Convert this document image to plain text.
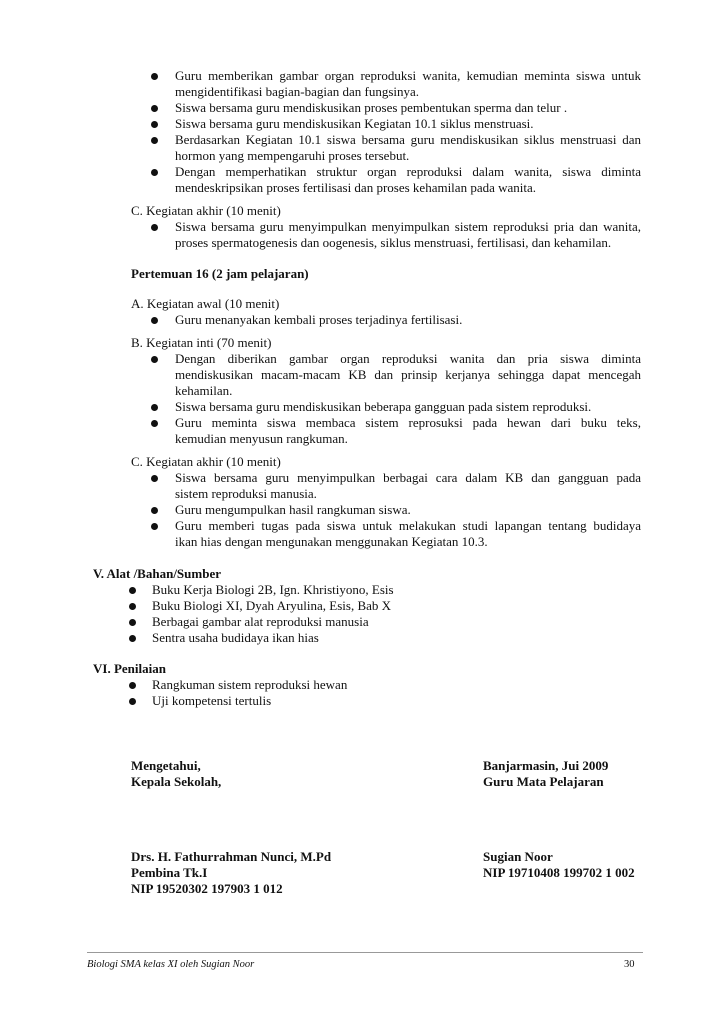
Guru memberikan gambar organ reproduksi wanita, kemudian meminta siswa untuk
mengidentifikasi bagian-bagian dan fungsinya.
Siswa bersama guru mendiskusikan proses pembentukan sperma dan telur .
Siswa bersama guru mendiskusikan Kegiatan 10.1 siklus menstruasi.
Berdasarkan Kegiatan 10.1 siswa bersama guru mendiskusikan siklus menstruasi dan
hormon yang mempengaruhi proses tersebut.
Dengan memperhatikan struktur organ reproduksi dalam wanita, siswa diminta
mendeskripsikan proses fertilisasi dan proses kehamilan pada wanita.
C. Kegiatan akhir (10 menit)
Siswa bersama guru menyimpulkan menyimpulkan sistem reproduksi pria dan wanita,
proses spermatogenesis dan oogenesis, siklus menstruasi, fertilisasi, dan kehamilan.
Pertemuan 16 (2 jam pelajaran)
A. Kegiatan awal (10 menit)
Guru menanyakan kembali proses terjadinya fertilisasi.
B. Kegiatan inti (70 menit)
Dengan diberikan gambar organ reproduksi wanita dan pria siswa diminta
mendiskusikan macam-macam KB dan prinsip kerjanya sehingga dapat mencegah
kehamilan.
Siswa bersama guru mendiskusikan beberapa gangguan pada sistem reproduksi.
Guru meminta siswa membaca sistem reprosuksi pada hewan dari buku teks,
kemudian menyusun rangkuman.
C. Kegiatan akhir (10 menit)
Siswa bersama guru menyimpulkan berbagai cara dalam KB dan gangguan pada
sistem reproduksi manusia.
Guru mengumpulkan hasil rangkuman siswa.
Guru memberi tugas pada siswa untuk melakukan studi lapangan tentang budidaya
ikan hias dengan mengunakan menggunakan Kegiatan 10.3.
V. Alat /Bahan/Sumber
Buku Kerja Biologi 2B, Ign. Khristiyono, Esis
Buku Biologi XI, Dyah Aryulina, Esis, Bab X
Berbagai gambar alat reproduksi manusia
Sentra usaha budidaya ikan hias
VI. Penilaian
Rangkuman sistem reproduksi hewan
Uji kompetensi tertulis
Mengetahui,
Kepala Sekolah,
Banjarmasin, Jui 2009
Guru Mata Pelajaran
Drs. H. Fathurrahman Nunci, M.Pd
Pembina Tk.I
NIP 19520302 197903 1 012
Sugian Noor
NIP 19710408 199702 1 002
Biologi SMA kelas XI oleh Sugian Noor	30
